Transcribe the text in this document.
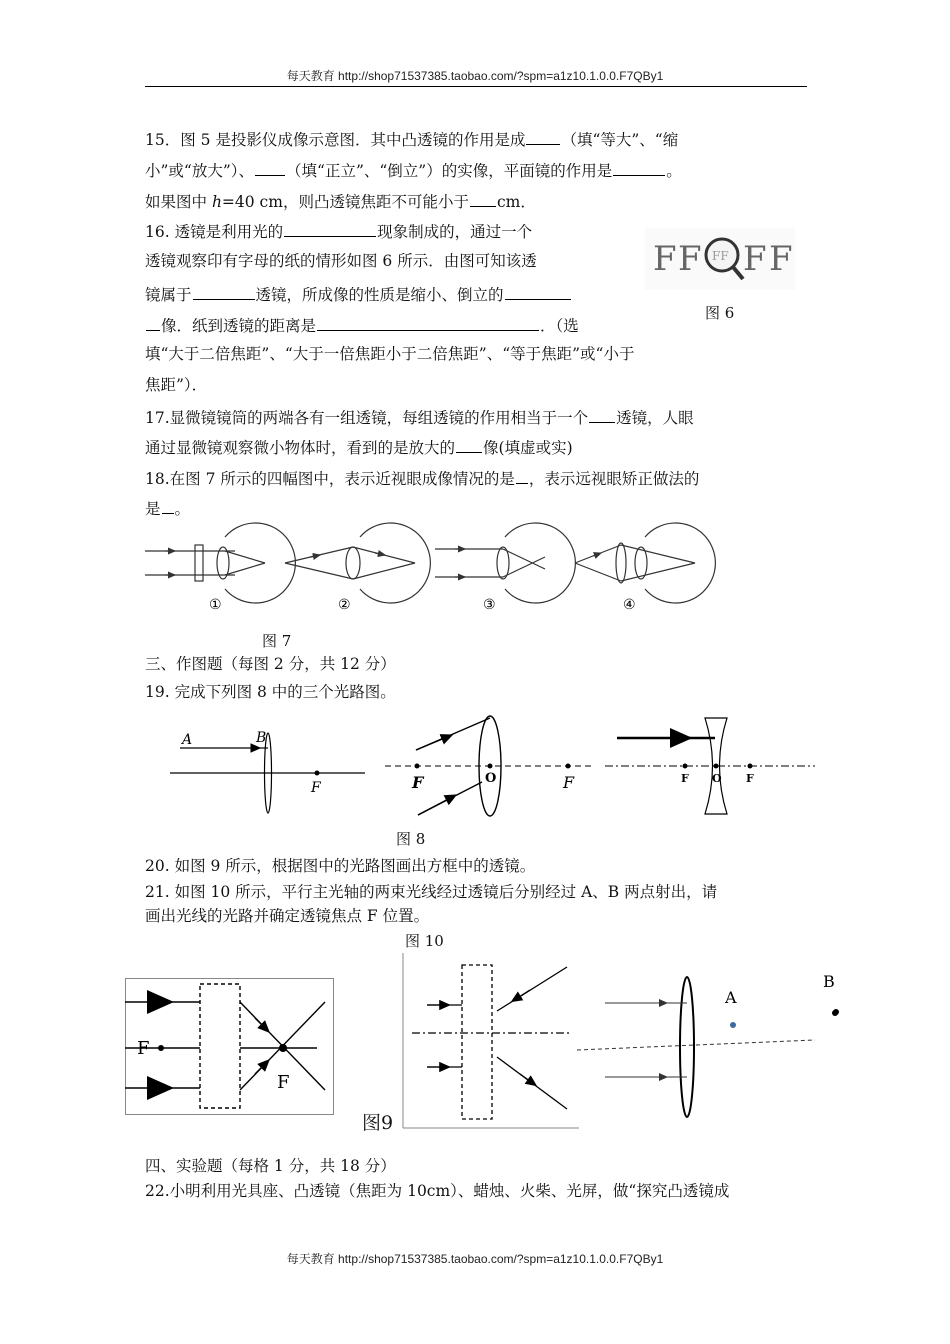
每天教育 http://shop71537385.taobao.com/?spm=a1z10.1.0.0.F7QBy1
15．图 5 是投影仪成像示意图．其中凸透镜的作用是成 （填“等大”、“缩
小”或“放大”）、 （填“正立”、“倒立”）的实像，平面镜的作用是	。
如果图中 h=40 cm，则凸透镜焦距不可能小于 cm．
16. 透镜是利用光的	现象制成的，通过一个
透镜观察印有字母的纸的情形如图 6 所示．由图可知该透
镜属于	透镜，所成像的性质是缩小、倒立的
像．纸到透镜的距离是	．（选
填“大于二倍焦距”、“大于一倍焦距小于二倍焦距”、“等于焦距”或“小于
焦距”）．
F F FF F F
图 6
17.显微镜镜筒的两端各有一组透镜，每组透镜的作用相当于一个 透镜，人眼
通过显微镜观察微小物体时，看到的是放大的 像(填虚或实)
18.在图 7 所示的四幅图中，表示近视眼成像情况的是 ，表示远视眼矫正做法的
是 。
①	②	③	④
图 7
三、作图题（每图 2 分，共 12 分）
19. 完成下列图 8 中的三个光路图。
A	B
F	F	O	F	F O F
图 8
20. 如图 9 所示，根据图中的光路图画出方框中的透镜。
21. 如图 10 所示，平行主光轴的两束光线经过透镜后分别经过 A、B 两点射出，请
画出光线的光路并确定透镜焦点 F 位置。
图 10
F
F
图9
A
B
四、实验题（每格 1 分，共 18 分）
22.小明利用光具座、凸透镜（焦距为 10cm）、蜡烛、火柴、光屏，做“探究凸透镜成
每天教育 http://shop71537385.taobao.com/?spm=a1z10.1.0.0.F7QBy1
